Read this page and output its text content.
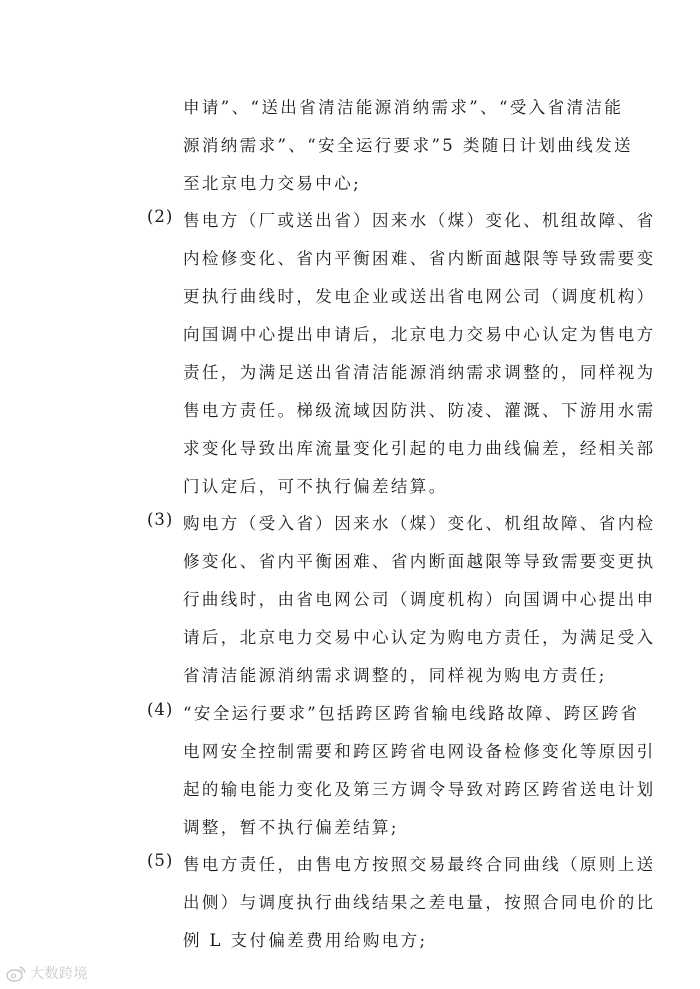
申请”、“送出省清洁能源消纳需求”、“受入省清洁能
源消纳需求”、“安全运行要求”5 类随日计划曲线发送
至北京电力交易中心;
(2) 售电方（厂或送出省）因来水（煤）变化、机组故障、省
内检修变化、省内平衡困难、省内断面越限等导致需要变
更执行曲线时，发电企业或送出省电网公司（调度机构）
向国调中心提出申请后，北京电力交易中心认定为售电方
责任，为满足送出省清洁能源消纳需求调整的，同样视为
售电方责任。梯级流域因防洪、防凌、灌溉、下游用水需
求变化导致出库流量变化引起的电力曲线偏差，经相关部
门认定后，可不执行偏差结算。
(3) 购电方（受入省）因来水（煤）变化、机组故障、省内检
修变化、省内平衡困难、省内断面越限等导致需要变更执
行曲线时，由省电网公司（调度机构）向国调中心提出申
请后，北京电力交易中心认定为购电方责任，为满足受入
省清洁能源消纳需求调整的，同样视为购电方责任;
(4) “安全运行要求”包括跨区跨省输电线路故障、跨区跨省
电网安全控制需要和跨区跨省电网设备检修变化等原因引
起的输电能力变化及第三方调令导致对跨区跨省送电计划
调整，暂不执行偏差结算;
(5) 售电方责任，由售电方按照交易最终合同曲线（原则上送
出侧）与调度执行曲线结果之差电量，按照合同电价的比
例 L 支付偏差费用给购电方;
大数跨境
